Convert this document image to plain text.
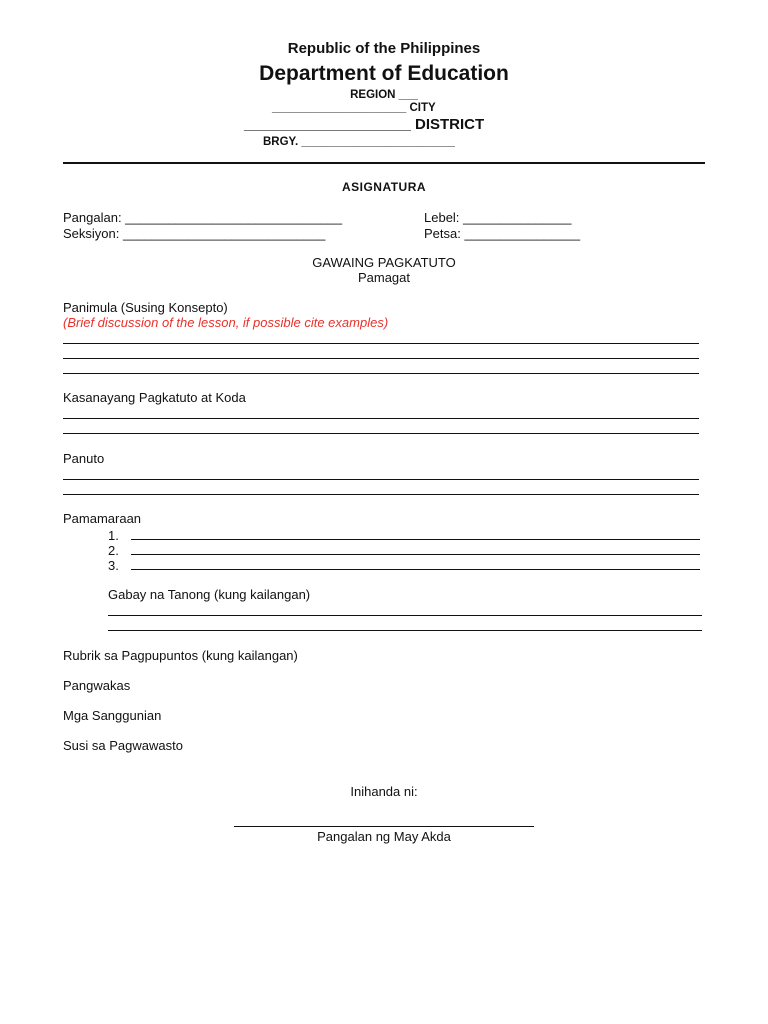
Republic of the Philippines
Department of Education
REGION ___
_____________________ CITY
____________________ DISTRICT
BRGY. ________________________
ASIGNATURA
Pangalan: ______________________________	Lebel: _______________
Seksiyon: ____________________________	Petsa: ________________
GAWAING PAGKATUTO
Pamagat
Panimula (Susing Konsepto)
(Brief discussion of the lesson, if possible cite examples)
Kasanayang Pagkatuto at Koda
Panuto
Pamamaraan
1.
2.
3.
Gabay na Tanong (kung kailangan)
Rubrik sa Pagpupuntos (kung kailangan)
Pangwakas
Mga Sanggunian
Susi sa Pagwawasto
Inihanda ni:
Pangalan ng May Akda
